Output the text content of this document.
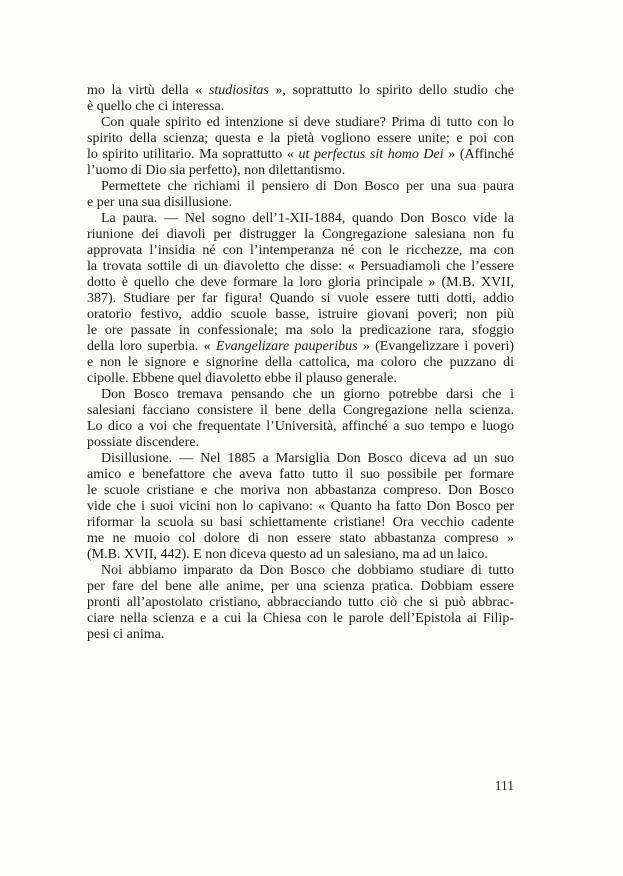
mo la virtù della « studiositas », soprattutto lo spirito dello studio che
è quello che ci interessa.
Con quale spirito ed intenzione si deve studiare? Prima di tutto con lo
spirito della scienza; questa e la pietà vogliono essere unite; e poi con
lo spirito utilitario. Ma soprattutto « ut perfectus sit homo Dei » (Affinché
l’uomo di Dio sia perfetto), non dilettantismo.
Permettete che richiami il pensiero di Don Bosco per una sua paura
e per una sua disillusione.
La paura. — Nel sogno dell’1-XII-1884, quando Don Bosco vide la
riunione dei diavoli per distrugger la Congregazione salesiana non fu
approvata l’insidia né con l’intemperanza né con le ricchezze, ma con
la trovata sottile di un diavoletto che disse: « Persuadiamoli che l’essere
dotto è quello che deve formare la loro gloria principale » (M.B. XVII,
387). Studiare per far figura! Quando si vuole essere tutti dotti, addio
oratorio festivo, addio scuole basse, istruire giovani poveri; non più
le ore passate in confessionale; ma solo la predicazione rara, sfoggio
della loro superbia. « Evangelizare pauperibus » (Evangelizzare i poveri)
e non le signore e signorine della cattolica, ma coloro che puzzano di
cipolle. Ebbene quel diavoletto ebbe il plauso generale.
Don Bosco tremava pensando che un giorno potrebbe darsi che i
salesiani facciano consistere il bene della Congregazione nella scienza.
Lo dico a voi che frequentate l’Università, affinché a suo tempo e luogo
possiate discendere.
Disillusione. — Nel 1885 a Marsiglia Don Bosco diceva ad un suo
amico e benefattore che aveva fatto tutto il suo possibile per formare
le scuole cristiane e che moriva non abbastanza compreso. Don Bosco
vide che i suoi vicini non lo capivano: « Quanto ha fatto Don Bosco per
riformar la scuola su basi schiettamente cristiane! Ora vecchio cadente
me ne muoio col dolore di non essere stato abbastanza compreso »
(M.B. XVII, 442). E non diceva questo ad un salesiano, ma ad un laico.
Noi abbiamo imparato da Don Bosco che dobbiamo studiare di tutto
per fare del bene alle anime, per una scienza pratica. Dobbiam essere
pronti all’apostolato cristiano, abbracciando tutto ciò che si può abbrac-
ciare nella scienza e a cui la Chiesa con le parole dell’Epistola ai Filip-
pesi ci anima.
111
